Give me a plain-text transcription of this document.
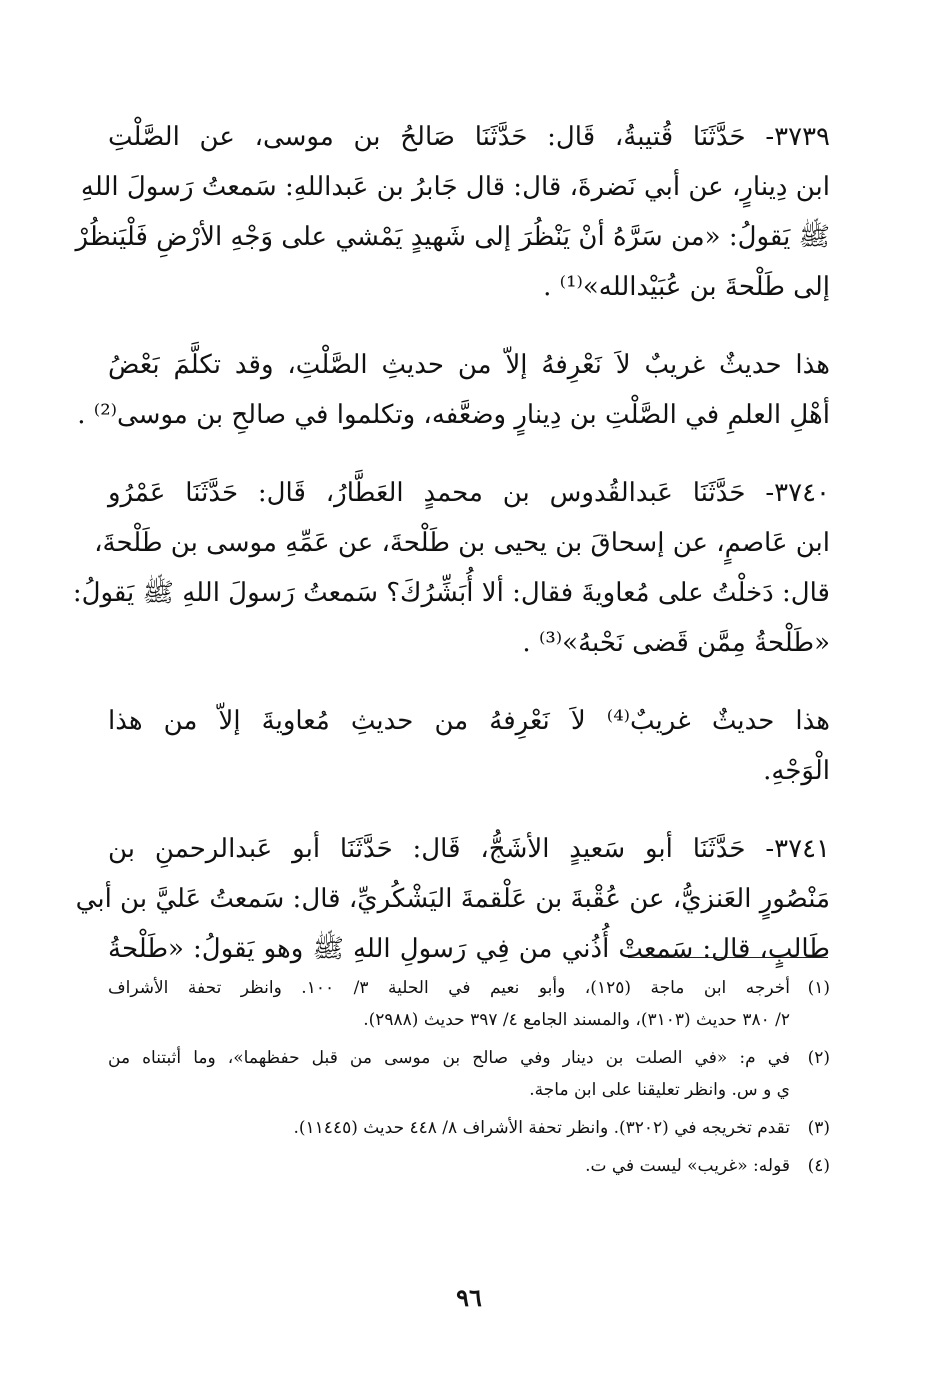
٣٧٣٩- حَدَّثَنَا قُتيبةُ، قَال: حَدَّثَنَا صَالحُ بن موسى، عن الصَّلْتِ
ابن دِينارٍ، عن أبي نَضرةَ، قال: قال جَابرُ بن عَبداللهِ: سَمعتُ رَسولَ اللهِ
ﷺ يَقولُ: «من سَرَّهُ أنْ يَنْظُرَ إلى شَهيدٍ يَمْشي على وَجْهِ الأرْضِ فَلْيَنظُرْ
إلى طَلْحةَ بن عُبَيْدالله»⁽¹⁾ .
هذا حديثٌ غريبٌ لاَ نَعْرِفهُ إلاّ من حديثِ الصَّلْتِ، وقد تكلَّمَ بَعْضُ
أهْلِ العلمِ في الصَّلْتِ بن دِينارٍ وضعَّفه، وتكلموا في صالحِ بن موسى⁽²⁾ .
٣٧٤٠- حَدَّثَنَا عَبدالقُدوس بن محمدٍ العَطَّارُ، قَال: حَدَّثَنَا عَمْرُو
ابن عَاصمٍ، عن إسحاقَ بن يحيى بن طَلْحةَ، عن عَمِّهِ موسى بن طَلْحةَ،
قال: دَخلْتُ على مُعاويةَ فقال: ألا أُبَشِّرُكَ؟ سَمعتُ رَسولَ اللهِ ﷺ يَقولُ:
«طَلْحةُ مِمَّن قَضى نَحْبهُ»⁽³⁾ .
هذا حديثٌ غريبٌ⁽⁴⁾ لاَ نَعْرِفهُ من حديثِ مُعاويةَ إلاّ من هذا
الْوَجْهِ.
٣٧٤١- حَدَّثَنَا أبو سَعيدٍ الأشَجُّ، قَال: حَدَّثَنَا أبو عَبدالرحمنِ بن
مَنْصُورٍ العَنزيُّ، عن عُقْبةَ بن عَلْقمةَ اليَشْكُريِّ، قال: سَمعتُ عَليَّ بن أبي
طَالبٍ، قال: سَمعتْ أُذُني من فِي رَسولِ اللهِ ﷺ وهو يَقولُ: «طَلْحةُ
(١)
أخرجه ابن ماجة (١٢٥)، وأبو نعيم في الحلية ٣/ ١٠٠. وانظر تحفة الأشراف
٢/ ٣٨٠ حديث (٣١٠٣)، والمسند الجامع ٤/ ٣٩٧ حديث (٢٩٨٨).
(٢)
في م: «في الصلت بن دينار وفي صالح بن موسى من قبل حفظهما»، وما أثبتناه من
ي و س. وانظر تعليقنا على ابن ماجة.
(٣)
تقدم تخريجه في (٣٢٠٢). وانظر تحفة الأشراف ٨/ ٤٤٨ حديث (١١٤٤٥).
(٤)
قوله: «غريب» ليست في ت.
٩٦
